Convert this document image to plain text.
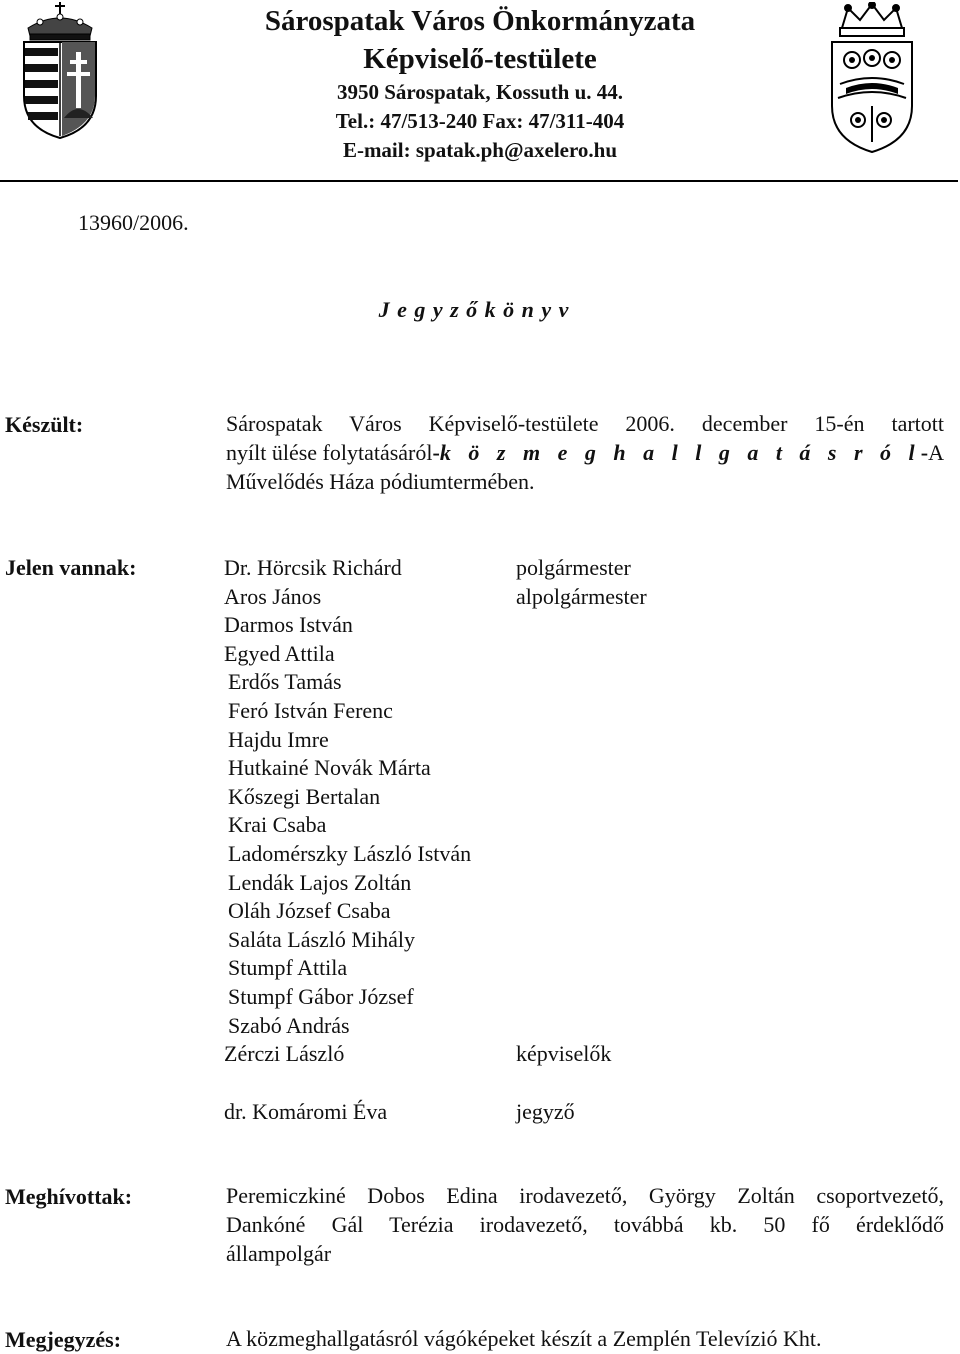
Sárospatak Város Önkormányzata
Képviselő-testülete
3950 Sárospatak, Kossuth u. 44.
Tel.: 47/513-240 Fax: 47/311-404
E-mail: spatak.ph@axelero.hu
13960/2006.
J e g y z ő k ö n y v
Készült:	Sárospatak Város Képviselő-testülete 2006. december 15-én tartott
nyílt ülése folytatásáról - k ö z m e g h a l l g a t á s r ó l - A
Művelődés Háza pódiumtermében.
Jelen vannak:	Dr. Hörcsik Richárd	polgármester
Aros János	alpolgármester
Darmos István
Egyed Attila
Erdős Tamás
Feró István Ferenc
Hajdu Imre
Hutkainé Novák Márta
Kőszegi Bertalan
Krai Csaba
Ladomérszky László István
Lendák Lajos Zoltán
Oláh József Csaba
Saláta László Mihály
Stumpf Attila
Stumpf Gábor József
Szabó András
Zérczi László	képviselők
dr. Komáromi Éva	jegyző
Meghívottak:	Peremiczkiné Dobos Edina irodavezető, György Zoltán csoportvezető,
Dankóné Gál Terézia irodavezető, továbbá kb. 50 fő érdeklődő
állampolgár
Megjegyzés:	A közmeghallgatásról vágóképeket készít a Zemplén Televízió Kht.
